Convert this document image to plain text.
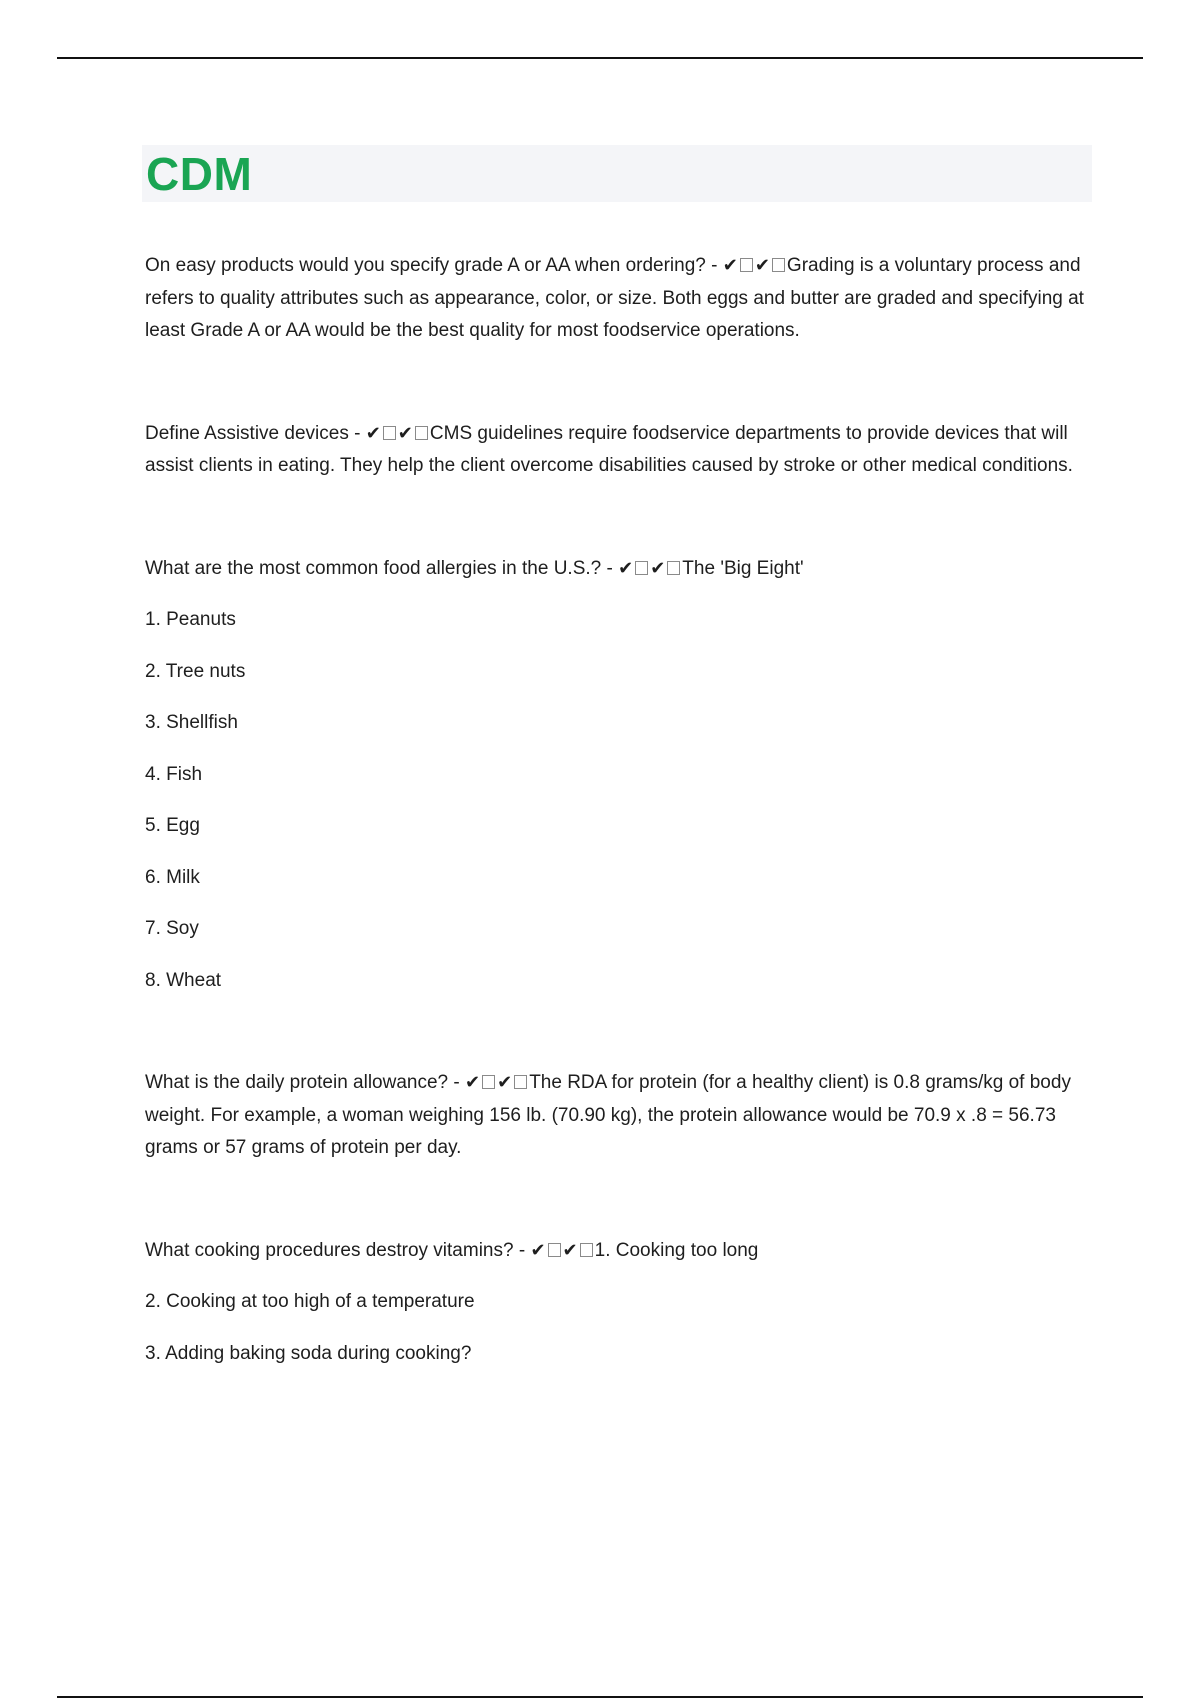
CDM

On easy products would you specify grade A or AA when ordering? - ✔ ✔ Grading is a voluntary process and refers to quality attributes such as appearance, color, or size. Both eggs and butter are graded and specifying at least Grade A or AA would be the best quality for most foodservice operations.

Define Assistive devices - ✔ ✔ CMS guidelines require foodservice departments to provide devices that will assist clients in eating. They help the client overcome disabilities caused by stroke or other medical conditions.

What are the most common food allergies in the U.S.? - ✔ ✔ The 'Big Eight'

1. Peanuts

2. Tree nuts

3. Shellfish

4. Fish

5. Egg

6. Milk

7. Soy

8. Wheat

What is the daily protein allowance? - ✔ ✔ The RDA for protein (for a healthy client) is 0.8 grams/kg of body weight. For example, a woman weighing 156 lb. (70.90 kg), the protein allowance would be 70.9 x .8 = 56.73 grams or 57 grams of protein per day.

What cooking procedures destroy vitamins? - ✔ ✔ 1. Cooking too long

2. Cooking at too high of a temperature

3. Adding baking soda during cooking?
